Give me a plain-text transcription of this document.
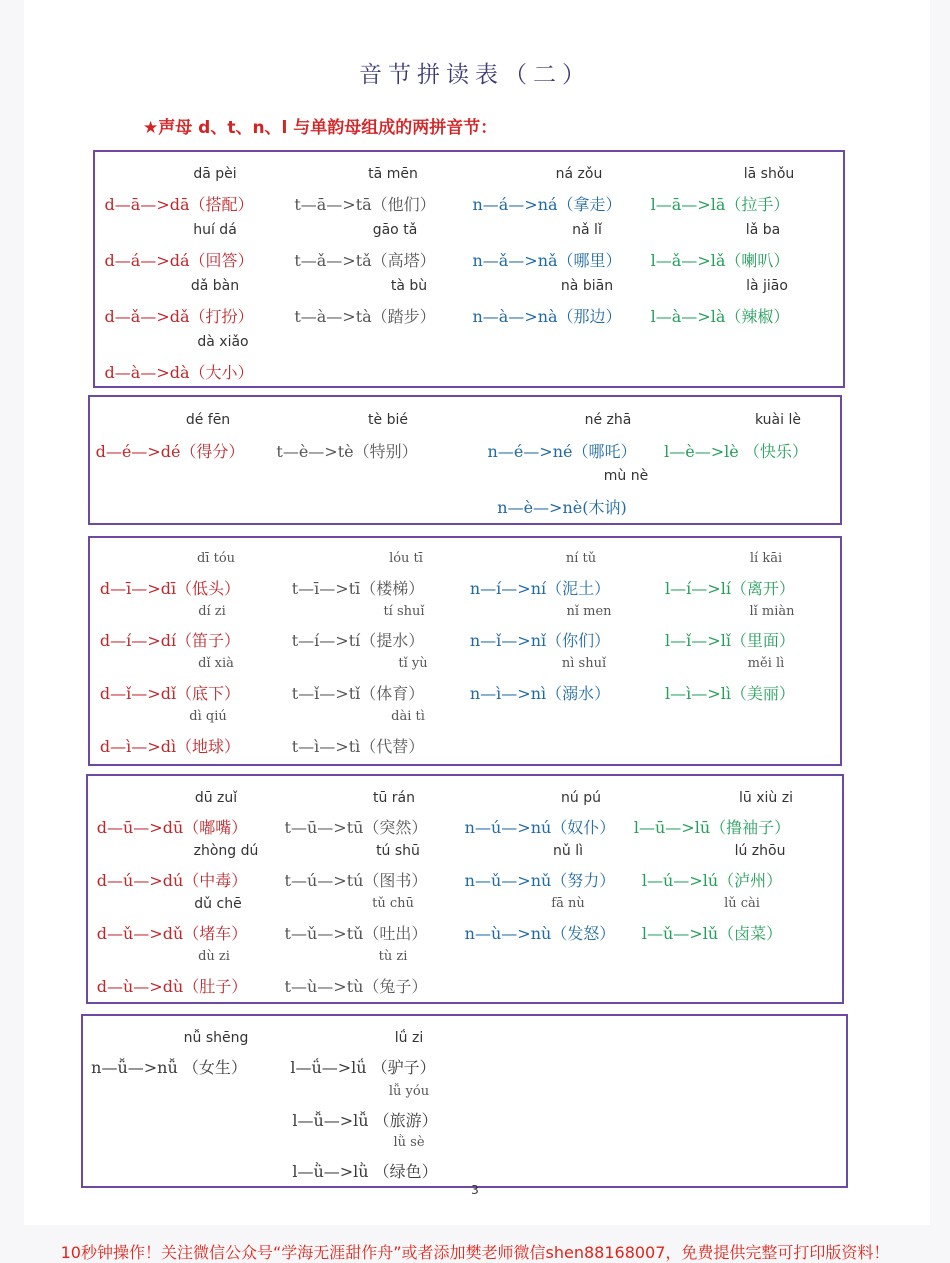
音节拼读表（二）
★声母 d、t、n、l 与单韵母组成的两拼音节：
dā pèi	tā mēn	ná zǒu	lā shǒu
d—ā—>dā（搭配）	t—ā—>tā（他们） n—á—>ná（拿走） l—ā—>lā（拉手）
huí dá	gāo tǎ	nǎ lǐ	lǎ ba
d—á—>dá（回答）	t—ǎ—>tǎ（高塔） n—ǎ—>nǎ（哪里） l—ǎ—>lǎ（喇叭）
dǎ bàn	tà bù	nà biān	là jiāo
d—ǎ—>dǎ（打扮）	t—à—>tà（踏步） n—à—>nà（那边） l—à—>là（辣椒）
dà xiǎo
d—à—>dà（大小）
dé fēn	tè bié	né zhā	kuài lè
d—é—>dé（得分） t—è—>tè（特别）	n—é—>né（哪吒） l—è—>lè （快乐）
mù nè
n—è—>nè(木讷)
dī tóu	lóu tī	ní tǔ	lí kāi
d—ī—>dī（低头）	t—ī—>tī（楼梯）	n—í—>ní（泥土）	l—í—>lí（离开）
dí zi	tí shuǐ	nǐ men	lǐ miàn
d—í—>dí（笛子）	t—í—>tí（提水）	n—ǐ—>nǐ（你们）	l—ǐ—>lǐ（里面）
dǐ xià	tǐ yù	nì shuǐ	měi lì
d—ǐ—>dǐ（底下）	t—ǐ—>tǐ（体育）	n—ì—>nì（溺水）	l—ì—>lì（美丽）
dì qiú	dài tì
d—ì—>dì（地球）	t—ì—>tì（代替）
dū zuǐ	tū rán	nú pú	lū xiù zi
d—ū—>dū（嘟嘴） t—ū—>tū（突然） n—ú—>nú（奴仆） l—ū—>lū（撸袖子）
zhòng dú	tú shū	nǔ lì	lú zhōu
d—ú—>dú（中毒） t—ú—>tú（图书） n—ǔ—>nǔ（努力） l—ú—>lú（泸州）
dǔ chē	tǔ chū	fā nù	lǔ cài
d—ǔ—>dǔ（堵车） t—ǔ—>tǔ（吐出） n—ù—>nù（发怒） l—ǔ—>lǔ（卤菜）
dù zi	tù zi
d—ù—>dù（肚子） t—ù—>tù（兔子）
nǚ shēng	lǘ zi
n—ǚ—>nǚ （女生）	l—ǘ—>lǘ （驴子）
lǚ yóu
l—ǚ—>lǚ （旅游）
lǜ sè
l—ǜ—>lǜ （绿色）
3
10秒钟操作！关注微信公众号“学海无涯甜作舟”或者添加樊老师微信shen88168007，免费提供完整可打印版资料！
